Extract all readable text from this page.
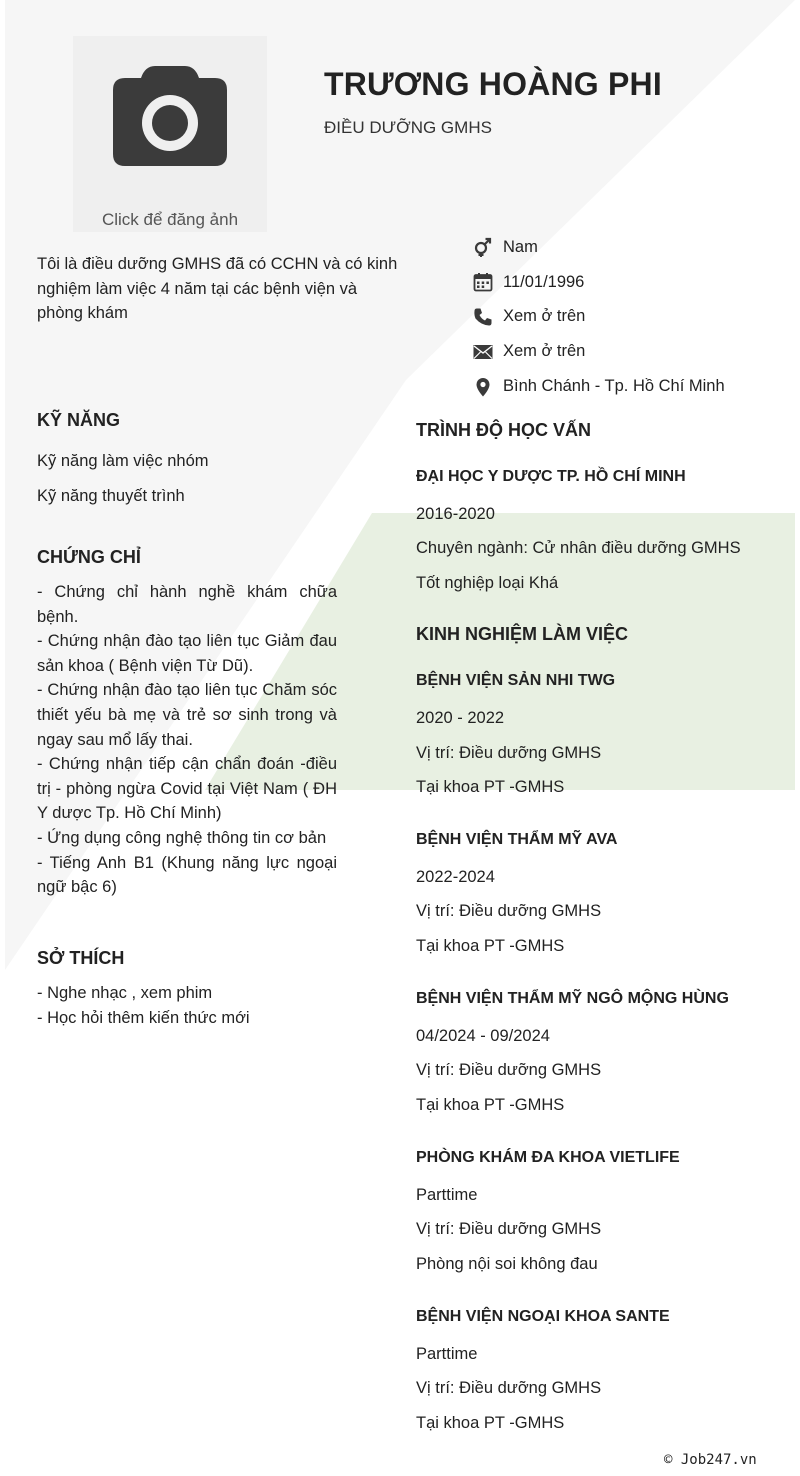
Click để đăng ảnh
TRƯƠNG HOÀNG PHI
ĐIỀU DƯỠNG GMHS
Tôi là điều dưỡng GMHS đã có CCHN và có kinh nghiệm làm việc 4 năm tại các bệnh viện và phòng khám
Nam
11/01/1996
Xem ở trên
Xem ở trên
Bình Chánh - Tp. Hồ Chí Minh
KỸ NĂNG
Kỹ năng làm việc nhóm
Kỹ năng thuyết trình
CHỨNG CHỈ
- Chứng chỉ hành nghề khám chữa bệnh.
- Chứng nhận đào tạo liên tục Giảm đau sản khoa ( Bệnh viện Từ Dũ).
- Chứng nhận đào tạo liên tục Chăm sóc thiết yếu bà mẹ và trẻ sơ sinh trong và ngay sau mổ lấy thai.
- Chứng nhận tiếp cận chẩn đoán -điều trị - phòng ngừa Covid tại Việt Nam ( ĐH Y dược Tp. Hồ Chí Minh)
- Ứng dụng công nghệ thông tin cơ bản
- Tiếng Anh B1 (Khung năng lực ngoại ngữ bậc 6)
SỞ THÍCH
- Nghe nhạc , xem phim
- Học hỏi thêm kiến thức mới
TRÌNH ĐỘ HỌC VẤN
ĐẠI HỌC Y DƯỢC TP. HỒ CHÍ MINH
2016-2020
Chuyên ngành: Cử nhân điều dưỡng GMHS
Tốt nghiệp loại Khá
KINH NGHIỆM LÀM VIỆC
BỆNH VIỆN SẢN NHI TWG
2020 - 2022
Vị trí: Điều dưỡng GMHS
Tại khoa PT -GMHS
BỆNH VIỆN THẨM MỸ AVA
2022-2024
Vị trí: Điều dưỡng GMHS
Tại khoa PT -GMHS
BỆNH VIỆN THẨM MỸ NGÔ MỘNG HÙNG
04/2024 - 09/2024
Vị trí: Điều dưỡng GMHS
Tại khoa PT -GMHS
PHÒNG KHÁM ĐA KHOA VIETLIFE
Parttime
Vị trí: Điều dưỡng GMHS
Phòng nội soi không đau
BỆNH VIỆN NGOẠI KHOA SANTE
Parttime
Vị trí: Điều dưỡng GMHS
Tại khoa PT -GMHS
© Job247.vn
